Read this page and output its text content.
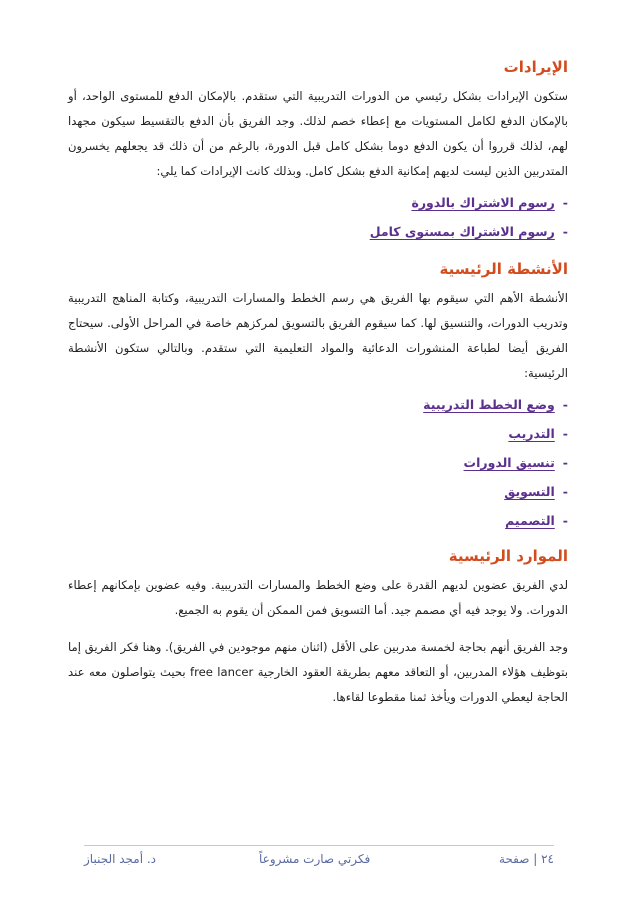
الإيرادات

ستكون الإيرادات بشكل رئيسي من الدورات التدريبية التي ستقدم. بالإمكان الدفع للمستوى الواحد، أو بالإمكان الدفع لكامل المستويات مع إعطاء خصم لذلك. وجد الفريق بأن الدفع بالتقسيط سيكون مجهدا لهم، لذلك قرروا أن يكون الدفع دوما بشكل كامل قبل الدورة، بالرغم من أن ذلك قد يجعلهم يخسرون المتدربين الذين ليست لديهم إمكانية الدفع بشكل كامل. وبذلك كانت الإيرادات كما يلي:

-رسوم الاشتراك بالدورة
-رسوم الاشتراك بمستوى كامل
الأنشطة الرئيسية

الأنشطة الأهم التي سيقوم بها الفريق هي رسم الخطط والمسارات التدريبية، وكتابة المناهج التدريبية وتدريب الدورات، والتنسيق لها. كما سيقوم الفريق بالتسويق لمركزهم خاصة في المراحل الأولى. سيحتاج الفريق أيضا لطباعة المنشورات الدعائية والمواد التعليمية التي ستقدم. وبالتالي ستكون الأنشطة الرئيسية:

-وضع الخطط التدريبية
-التدريب
-تنسيق الدورات
-التسويق
-التصميم
الموارد الرئيسية

لدي الفريق عضوين لديهم القدرة على وضع الخطط والمسارات التدريبية. وفيه عضوين بإمكانهم إعطاء الدورات. ولا يوجد فيه أي مصمم جيد. أما التسويق فمن الممكن أن يقوم به الجميع.

وجد الفريق أنهم بحاجة لخمسة مدربين على الأقل (اثنان منهم موجودين في الفريق). وهنا فكر الفريق إما بتوظيف هؤلاء المدربين، أو التعاقد معهم بطريقة العقود الخارجية free lancer بحيث يتواصلون معه عند الحاجة ليعطي الدورات ويأخذ ثمنا مقطوعا لقاءها.

٢٤ | صفحة
فكرتي صارت مشروعاً
د. أمجد الجنباز
